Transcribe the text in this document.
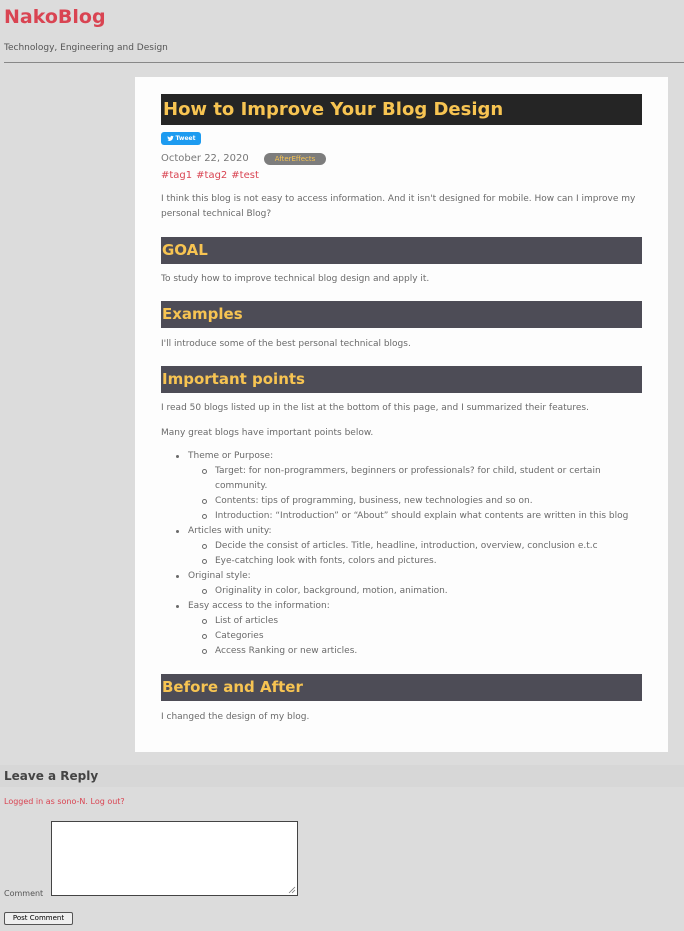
NakoBlog
Technology, Engineering and Design
How to Improve Your Blog Design
Tweet
October 22, 2020	AfterEffects
#tag1 #tag2 #test

I think this blog is not easy to access information. And it isn't designed for mobile. How can I improve my personal technical Blog?

GOAL

To study how to improve technical blog design and apply it.

Examples

I'll introduce some of the best personal technical blogs.

Important points

I read 50 blogs listed up in the list at the bottom of this page, and I summarized their features.

Many great blogs have important points below.

Theme or Purpose:
Target: for non-programmers, beginners or professionals? for child, student or certain community.
Contents: tips of programming, business, new technologies and so on.
Introduction: “Introduction” or “About” should explain what contents are written in this blog
Articles with unity:
Decide the consist of articles. Title, headline, introduction, overview, conclusion e.t.c
Eye-catching look with fonts, colors and pictures.
Original style:
Originality in color, background, motion, animation.
Easy access to the information:
List of articles
Categories
Access Ranking or new articles.
Before and After

I changed the design of my blog.

Leave a Reply
Logged in as sono-N. Log out?
Comment
Post Comment
